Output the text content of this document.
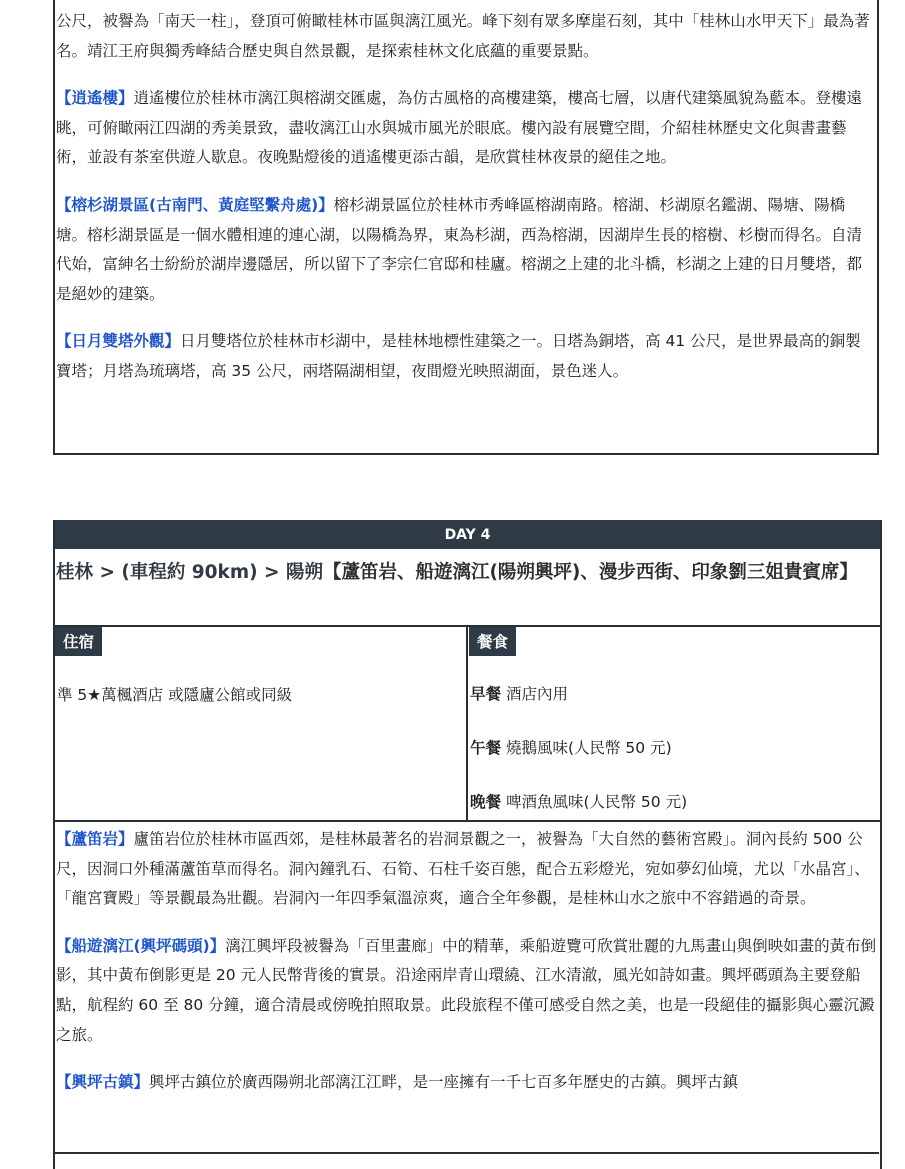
公尺，被譽為「南天一柱」，登頂可俯瞰桂林市區與漓江風光。峰下刻有眾多摩崖石刻，其中「桂林山水甲天下」最為著名。靖江王府與獨秀峰結合歷史與自然景觀，是探索桂林文化底蘊的重要景點。

【逍遙樓】逍遙樓位於桂林市漓江與榕湖交匯處，為仿古風格的高樓建築，樓高七層，以唐代建築風貌為藍本。登樓遠眺，可俯瞰兩江四湖的秀美景致，盡收漓江山水與城市風光於眼底。樓內設有展覽空間，介紹桂林歷史文化與書畫藝術，並設有茶室供遊人歇息。夜晚點燈後的逍遙樓更添古韻，是欣賞桂林夜景的絕佳之地。

【榕杉湖景區(古南門、黃庭堅繫舟處)】榕杉湖景區位於桂林市秀峰區榕湖南路。榕湖、杉湖原名鑑湖、陽塘、陽橋塘。榕杉湖景區是一個水體相連的連心湖，以陽橋為界，東為杉湖，西為榕湖，因湖岸生長的榕樹、杉樹而得名。自清代始，富紳名士紛紛於湖岸邊隱居，所以留下了李宗仁官邸和桂廬。榕湖之上建的北斗橋，杉湖之上建的日月雙塔，都是絕妙的建築。

【日月雙塔外觀】日月雙塔位於桂林市杉湖中，是桂林地標性建築之一。日塔為銅塔，高 41 公尺，是世界最高的銅製寶塔；月塔為琉璃塔，高 35 公尺，兩塔隔湖相望，夜間燈光映照湖面，景色迷人。

DAY 4

桂林 > (車程約 90km) > 陽朔【蘆笛岩、船遊漓江(陽朔興坪)、漫步西街、印象劉三姐貴賓席】

住宿
準 5★萬楓酒店 或隱廬公館或同級
餐食
早餐 酒店內用
午餐 燒鵝風味(人民幣 50 元)
晚餐 啤酒魚風味(人民幣 50 元)

【蘆笛岩】廬笛岩位於桂林市區西郊，是桂林最著名的岩洞景觀之一，被譽為「大自然的藝術宮殿」。洞內長約 500 公尺，因洞口外種滿蘆笛草而得名。洞內鐘乳石、石筍、石柱千姿百態，配合五彩燈光，宛如夢幻仙境，尤以「水晶宮」、「龍宮寶殿」等景觀最為壯觀。岩洞內一年四季氣溫涼爽，適合全年參觀，是桂林山水之旅中不容錯過的奇景。

【船遊漓江(興坪碼頭)】漓江興坪段被譽為「百里畫廊」中的精華，乘船遊覽可欣賞壯麗的九馬畫山與倒映如畫的黃布倒影，其中黃布倒影更是 20 元人民幣背後的實景。沿途兩岸青山環繞、江水清澈，風光如詩如畫。興坪碼頭為主要登船點，航程約 60 至 80 分鐘，適合清晨或傍晚拍照取景。此段旅程不僅可感受自然之美，也是一段絕佳的攝影與心靈沉澱之旅。

【興坪古鎮】興坪古鎮位於廣西陽朔北部漓江江畔，是一座擁有一千七百多年歷史的古鎮。興坪古鎮
